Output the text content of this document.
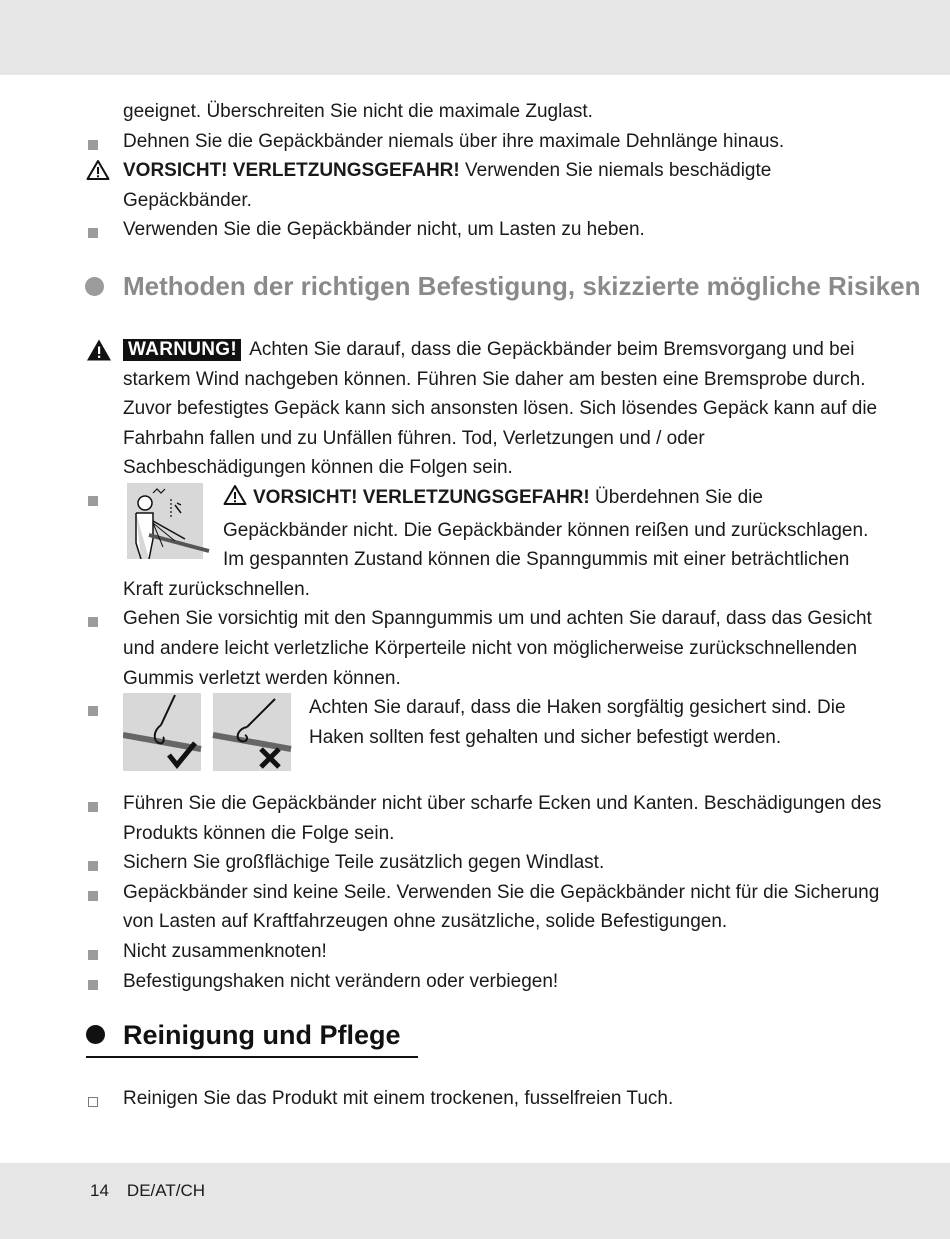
geeignet. Überschreiten Sie nicht die maximale Zuglast.
Dehnen Sie die Gepäckbänder niemals über ihre maximale Dehnlänge hinaus.
VORSICHT! VERLETZUNGSGEFAHR! Verwenden Sie niemals beschädigte Gepäckbänder.
Verwenden Sie die Gepäckbänder nicht, um Lasten zu heben.
Methoden der richtigen Befestigung, skizzierte mögliche Risiken
WARNUNG! Achten Sie darauf, dass die Gepäckbänder beim Bremsvorgang und bei starkem Wind nachgeben können. Führen Sie daher am besten eine Bremsprobe durch. Zuvor befestigtes Gepäck kann sich ansonsten lösen. Sich lösendes Gepäck kann auf die Fahrbahn fallen und zu Unfällen führen. Tod, Verletzungen und / oder Sachbeschädigungen können die Folgen sein.
VORSICHT! VERLETZUNGSGEFAHR! Überdehnen Sie die Gepäckbänder nicht. Die Gepäckbänder können reißen und zurückschlagen. Im gespannten Zustand können die Spanngummis mit einer beträchtlichen Kraft zurückschnellen.
Gehen Sie vorsichtig mit den Spanngummis um und achten Sie darauf, dass das Gesicht und andere leicht verletzliche Körperteile nicht von möglicherweise zurückschnellenden Gummis verletzt werden können.
Achten Sie darauf, dass die Haken sorgfältig gesichert sind. Die Haken sollten fest gehalten und sicher befestigt werden.
Führen Sie die Gepäckbänder nicht über scharfe Ecken und Kanten. Beschädigungen des Produkts können die Folge sein.
Sichern Sie großflächige Teile zusätzlich gegen Windlast.
Gepäckbänder sind keine Seile. Verwenden Sie die Gepäckbänder nicht für die Sicherung von Lasten auf Kraftfahrzeugen ohne zusätzliche, solide Befestigungen.
Nicht zusammenknoten!
Befestigungshaken nicht verändern oder verbiegen!
Reinigung und Pflege
Reinigen Sie das Produkt mit einem trockenen, fusselfreien Tuch.
14 DE/AT/CH
